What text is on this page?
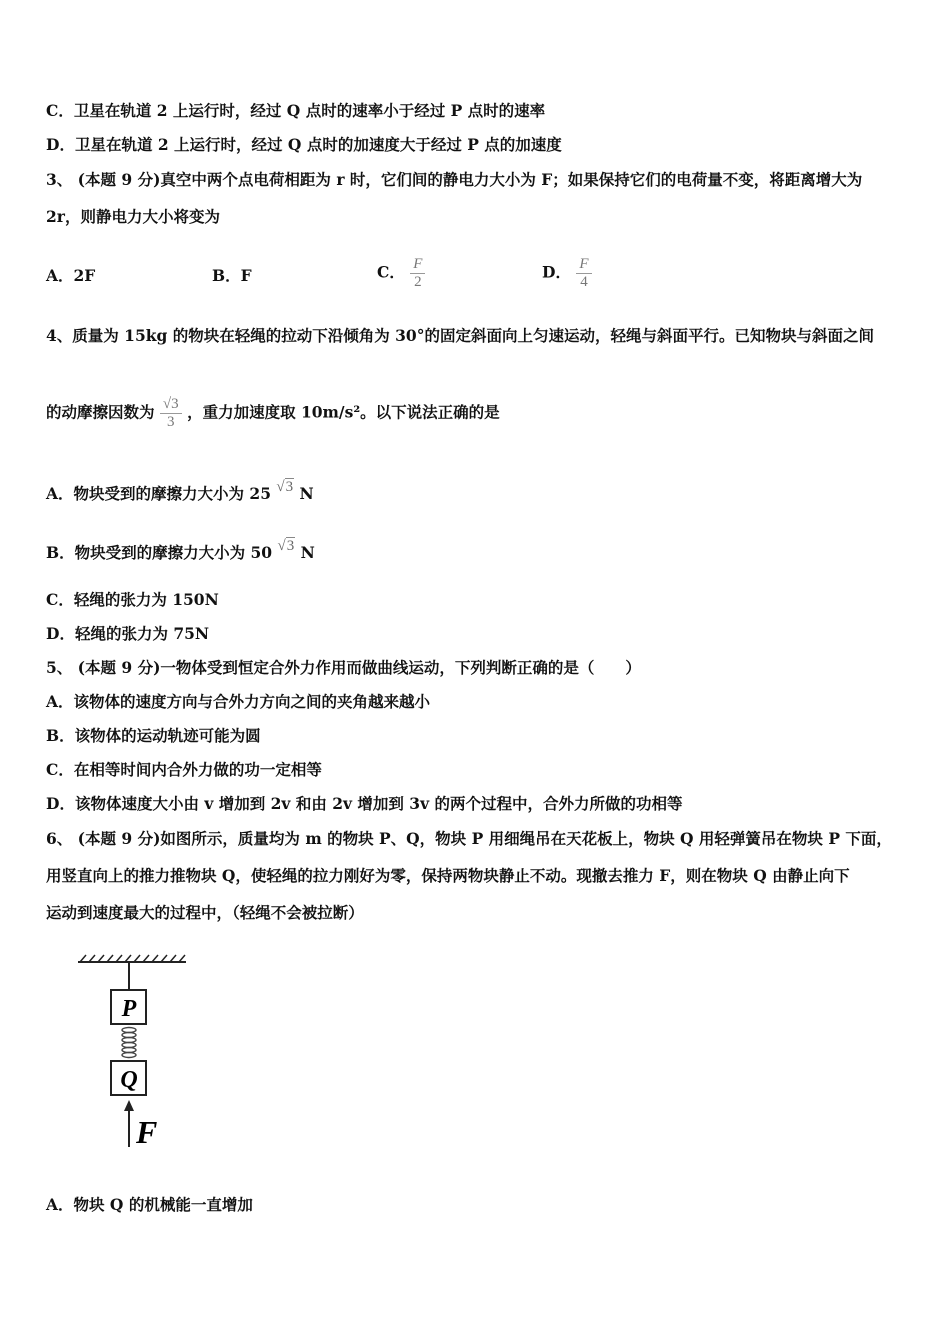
C．卫星在轨道 2 上运行时，经过 Q 点时的速率小于经过 P 点时的速率
D．卫星在轨道 2 上运行时，经过 Q 点时的加速度大于经过 P 点的加速度
3、 (本题 9 分)真空中两个点电荷相距为 r 时，它们间的静电力大小为 F；如果保持它们的电荷量不变，将距离增大为
2r，则静电力大小将变为
A．2F	B．F	C． $\frac{F}{2}$	D． $\frac{F}{4}$
4、质量为 15kg 的物块在轻绳的拉动下沿倾角为 30°的固定斜面向上匀速运动，轻绳与斜面平行。已知物块与斜面之间
的动摩擦因数为 $\frac{√3}{3}$ ，重力加速度取 10m/s²。以下说法正确的是
A．物块受到的摩擦力大小为 25 √3 N
B．物块受到的摩擦力大小为 50 √3 N
C．轻绳的张力为 150N
D．轻绳的张力为 75N
5、 (本题 9 分)一物体受到恒定合外力作用而做曲线运动，下列判断正确的是（　　）
A．该物体的速度方向与合外力方向之间的夹角越来越小
B．该物体的运动轨迹可能为圆
C．在相等时间内合外力做的功一定相等
D．该物体速度大小由 v 增加到 2v 和由 2v 增加到 3v 的两个过程中，合外力所做的功相等
6、 (本题 9 分)如图所示，质量均为 m 的物块 P、Q，物块 P 用细绳吊在天花板上，物块 Q 用轻弹簧吊在物块 P 下面，
用竖直向上的推力推物块 Q，使轻绳的拉力刚好为零，保持两物块静止不动。现撤去推力 F，则在物块 Q 由静止向下
运动到速度最大的过程中，（轻绳不会被拉断）
P
Q
F
A．物块 Q 的机械能一直增加
